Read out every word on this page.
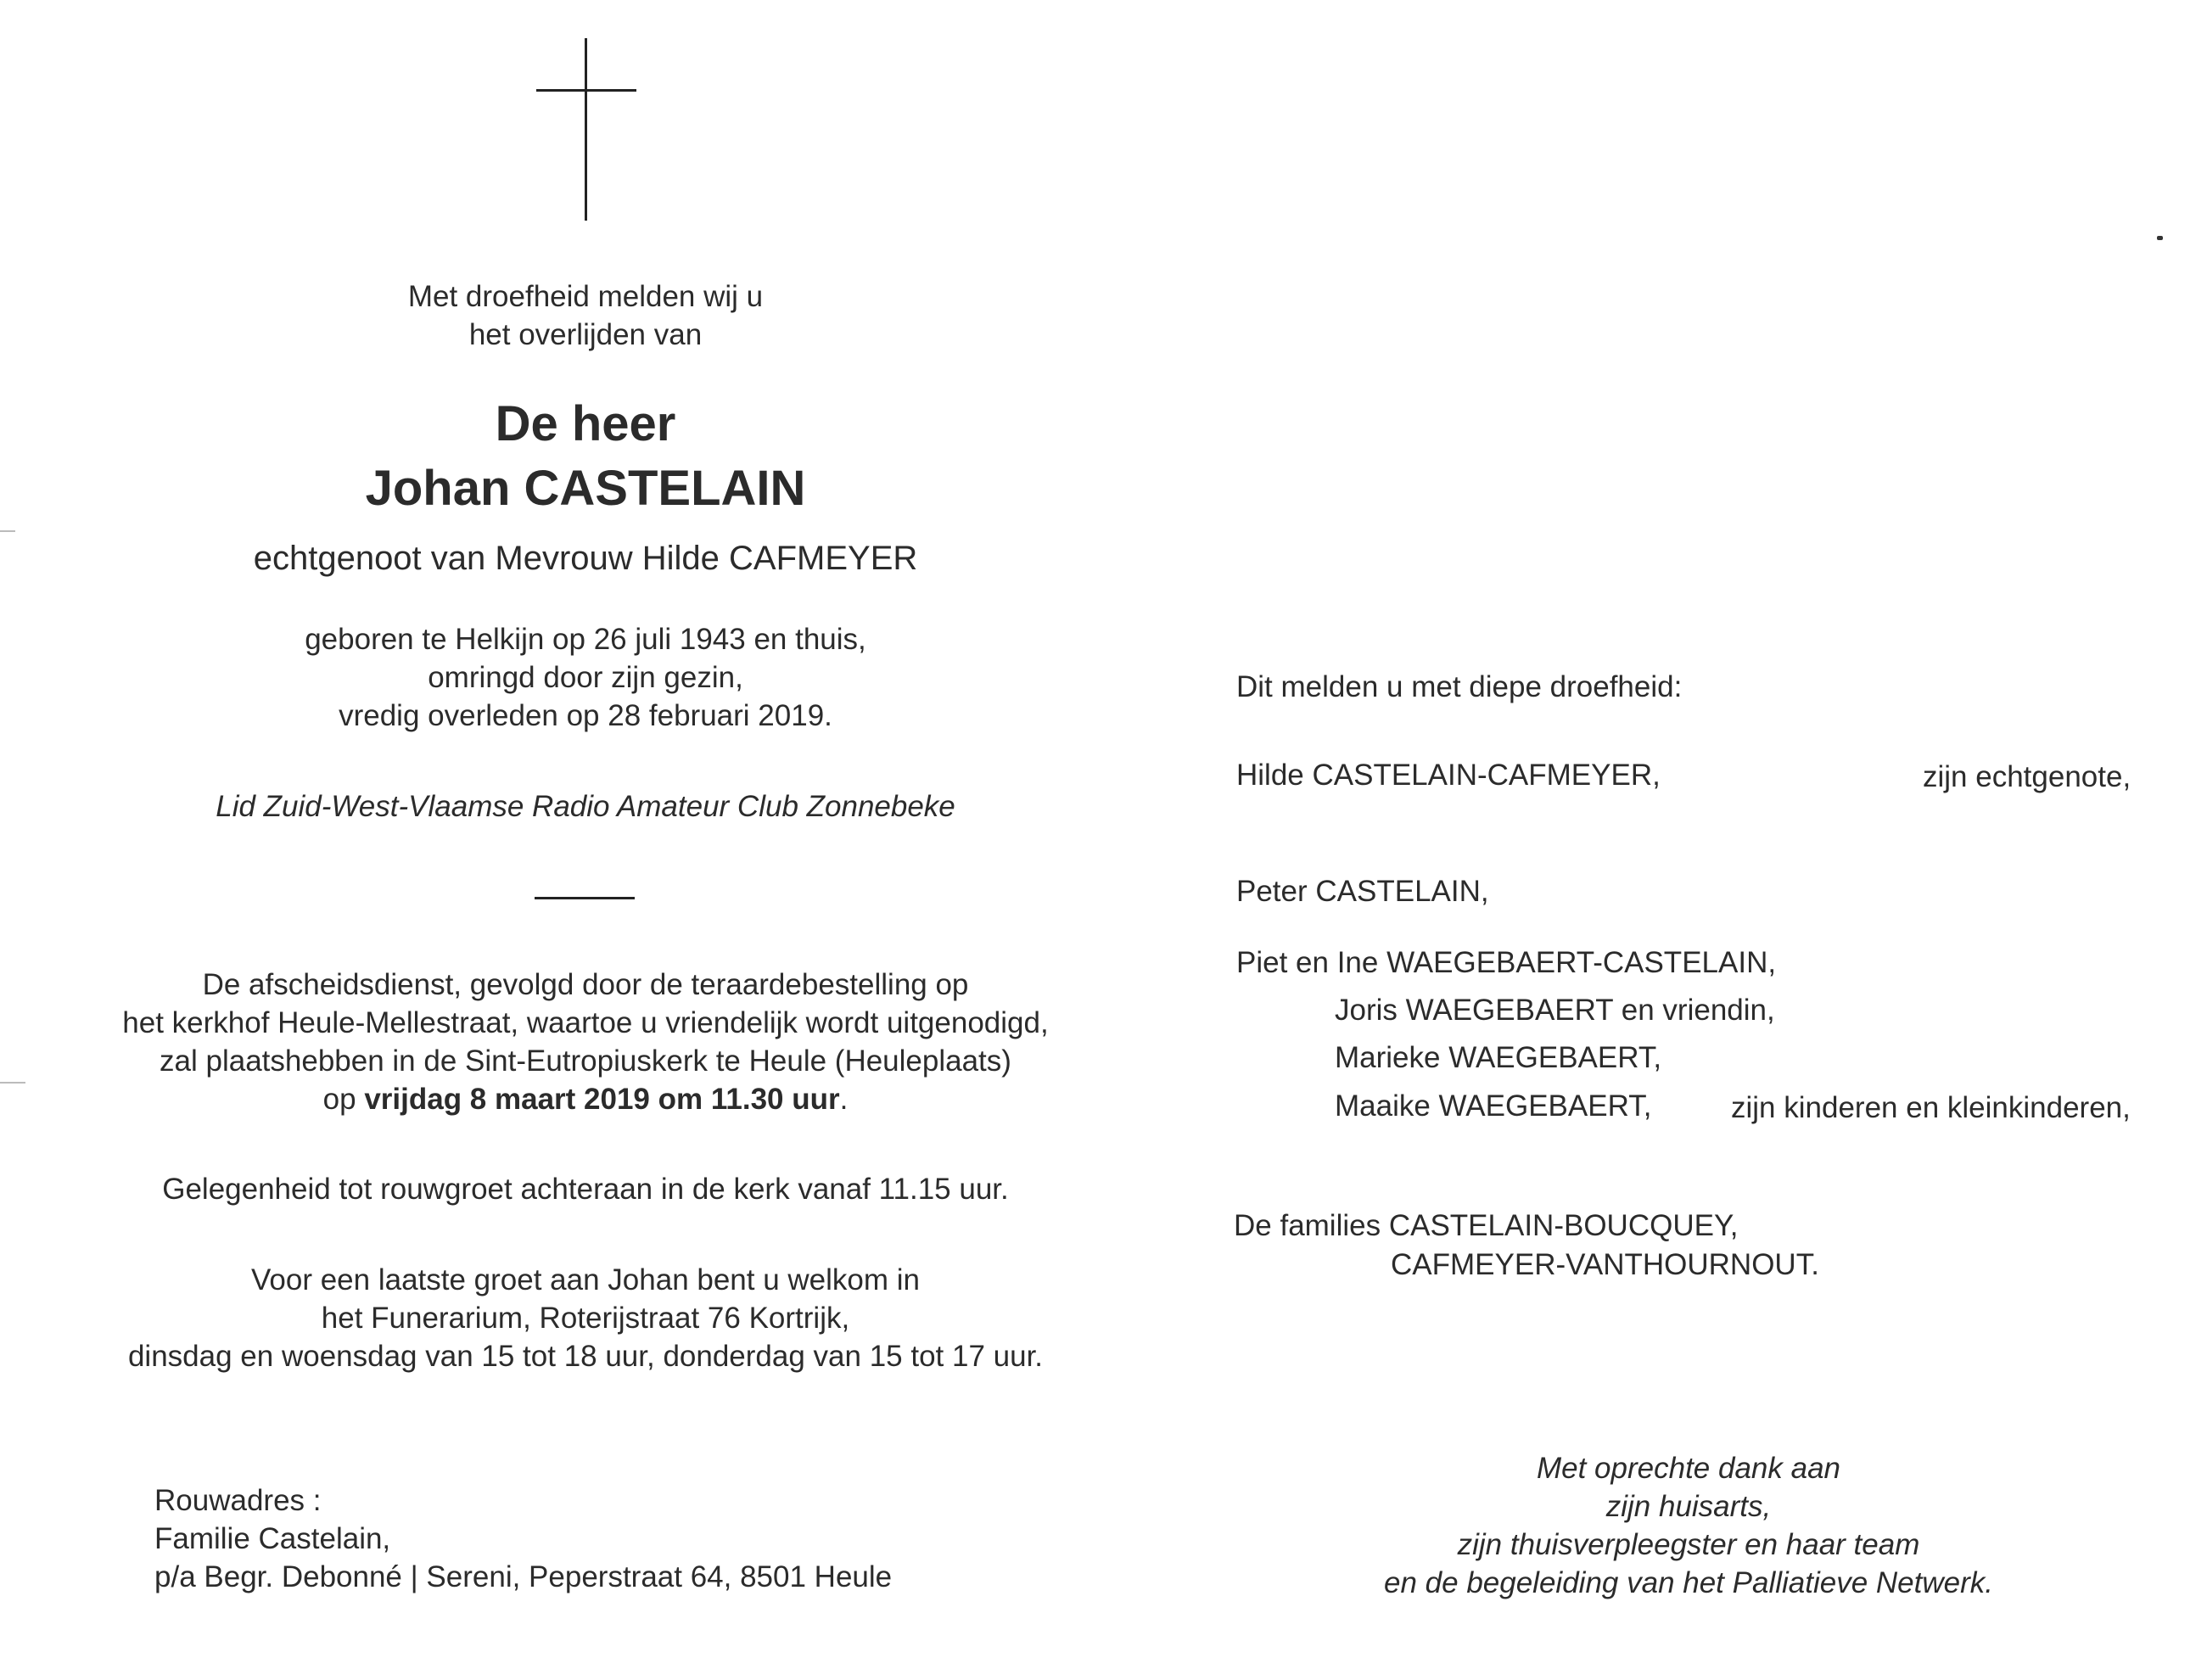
Met droefheid melden wij u
het overlijden van
De heer
Johan CASTELAIN
echtgenoot van Mevrouw Hilde CAFMEYER
geboren te Helkijn op 26 juli 1943 en thuis,
omringd door zijn gezin,
vredig overleden op 28 februari 2019.
Lid Zuid-West-Vlaamse Radio Amateur Club Zonnebeke
De afscheidsdienst, gevolgd door de teraardebestelling op
het kerkhof Heule-Mellestraat, waartoe u vriendelijk wordt uitgenodigd,
zal plaatshebben in de Sint-Eutropiuskerk te Heule (Heuleplaats)
op vrijdag 8 maart 2019 om 11.30 uur.
Gelegenheid tot rouwgroet achteraan in de kerk vanaf 11.15 uur.
Voor een laatste groet aan Johan bent u welkom in
het Funerarium, Roterijstraat 76 Kortrijk,
dinsdag en woensdag van 15 tot 18 uur, donderdag van 15 tot 17 uur.
Rouwadres :
Familie Castelain,
p/a Begr. Debonné | Sereni, Peperstraat 64, 8501 Heule
Dit melden u met diepe droefheid:
Hilde CASTELAIN-CAFMEYER,	zijn echtgenote,
Peter CASTELAIN,
Piet en Ine WAEGEBAERT-CASTELAIN,
Joris WAEGEBAERT en vriendin,
Marieke WAEGEBAERT,
Maaike WAEGEBAERT,	zijn kinderen en kleinkinderen,
De families CASTELAIN-BOUCQUEY,
CAFMEYER-VANTHOURNOUT.
Met oprechte dank aan
zijn huisarts,
zijn thuisverpleegster en haar team
en de begeleiding van het Palliatieve Netwerk.
